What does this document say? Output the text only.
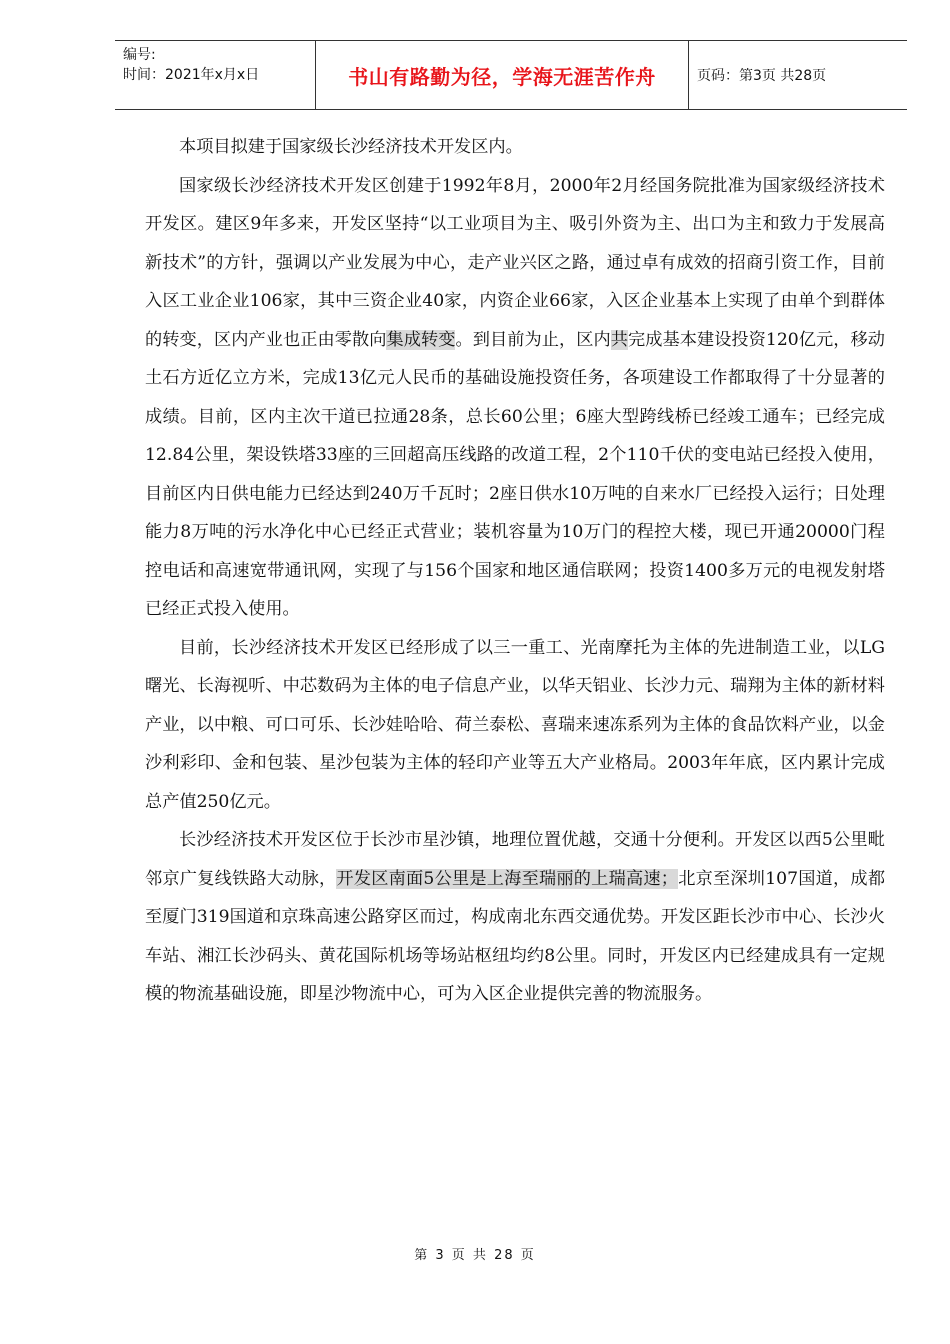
编号:
时间：2021年x月x日	书山有路勤为径，学海无涯苦作舟	页码：第3页 共28页

本项目拟建于国家级长沙经济技术开发区内。

国家级长沙经济技术开发区创建于1992年8月，2000年2月经国务院批准为国家级经济技术开发区。建区9年多来，开发区坚持“以工业项目为主、吸引外资为主、出口为主和致力于发展高新技术”的方针，强调以产业发展为中心，走产业兴区之路，通过卓有成效的招商引资工作，目前入区工业企业106家，其中三资企业40家，内资企业66家，入区企业基本上实现了由单个到群体的转变，区内产业也正由零散向集成转变。到目前为止，区内共完成基本建设投资120亿元，移动土石方近亿立方米，完成13亿元人民币的基础设施投资任务，各项建设工作都取得了十分显著的成绩。目前，区内主次干道已拉通28条，总长60公里；6座大型跨线桥已经竣工通车；已经完成12.84公里，架设铁塔33座的三回超高压线路的改道工程，2个110千伏的变电站已经投入使用，目前区内日供电能力已经达到240万千瓦时；2座日供水10万吨的自来水厂已经投入运行；日处理能力8万吨的污水净化中心已经正式营业；装机容量为10万门的程控大楼，现已开通20000门程控电话和高速宽带通讯网，实现了与156个国家和地区通信联网；投资1400多万元的电视发射塔已经正式投入使用。

目前，长沙经济技术开发区已经形成了以三一重工、光南摩托为主体的先进制造工业，以LG曙光、长海视听、中芯数码为主体的电子信息产业，以华天铝业、长沙力元、瑞翔为主体的新材料产业，以中粮、可口可乐、长沙娃哈哈、荷兰泰松、喜瑞来速冻系列为主体的食品饮料产业，以金沙利彩印、金和包装、星沙包装为主体的轻印产业等五大产业格局。2003年年底，区内累计完成总产值250亿元。

长沙经济技术开发区位于长沙市星沙镇，地理位置优越，交通十分便利。开发区以西5公里毗邻京广复线铁路大动脉，开发区南面5公里是上海至瑞丽的上瑞高速；北京至深圳107国道，成都至厦门319国道和京珠高速公路穿区而过，构成南北东西交通优势。开发区距长沙市中心、长沙火车站、湘江长沙码头、黄花国际机场等场站枢纽均约8公里。同时，开发区内已经建成具有一定规模的物流基础设施，即星沙物流中心，可为入区企业提供完善的物流服务。

第 3 页 共 28 页
